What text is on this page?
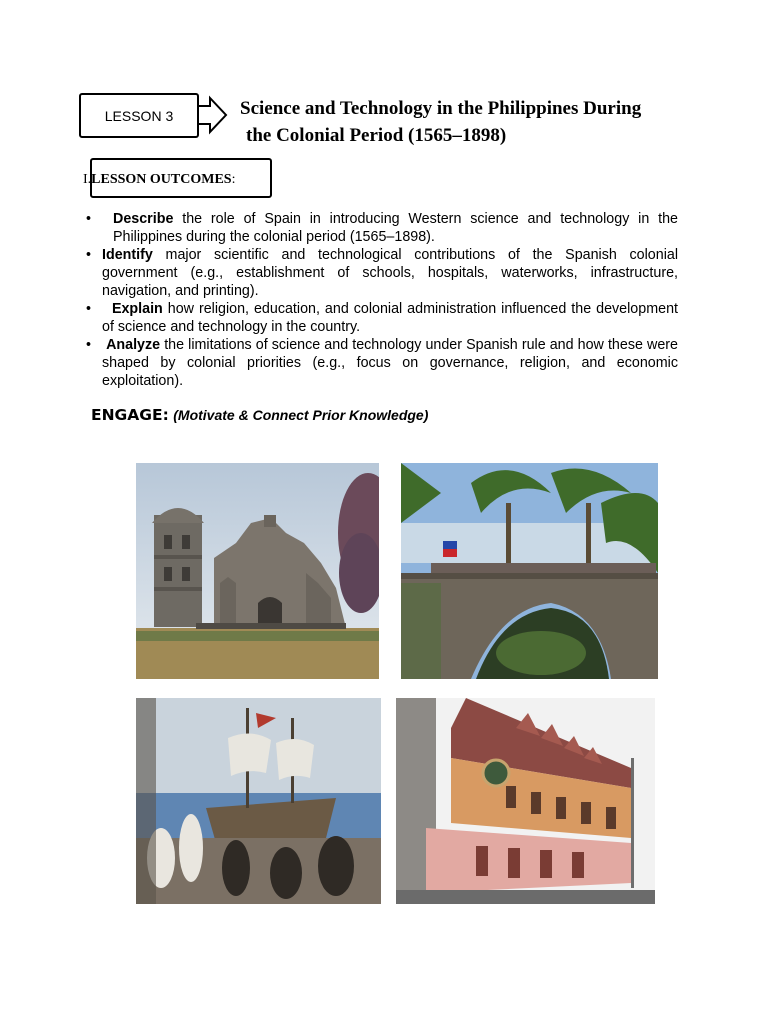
LESSON 3	Science and Technology in the Philippines During
the Colonial Period (1565–1898)
I.LESSON OUTCOMES:
• Describe the role of Spain in introducing Western science and technology in the Philippines during the colonial period (1565–1898).
• Identify major scientific and technological contributions of the Spanish colonial government (e.g., establishment of schools, hospitals, waterworks, infrastructure, navigation, and printing).
• Explain how religion, education, and colonial administration influenced the development of science and technology in the country.
• Analyze the limitations of science and technology under Spanish rule and how these were shaped by colonial priorities (e.g., focus on governance, religion, and economic exploitation).
ENGAGE: (Motivate & Connect Prior Knowledge)
